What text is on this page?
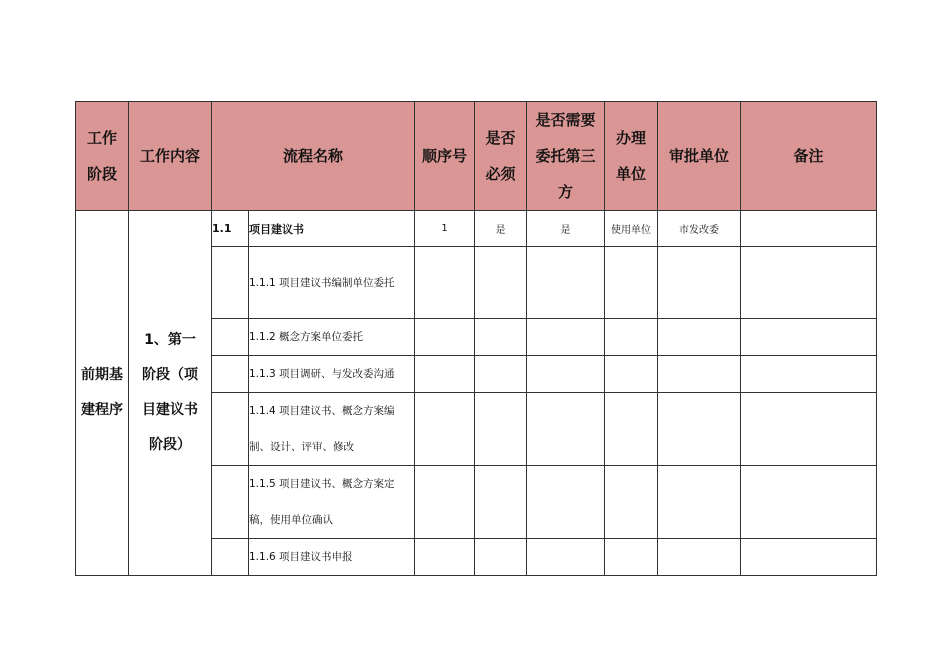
工作阶段	工作内容	流程名称		顺序号	是否必须	是否需要委托第三方	办理单位	审批单位	备注
前期基建程序	1、第一阶段（项目建议书阶段）	1.1	项目建议书	1	是	是	使用单位	市发改委	
			1.1.1 项目建议书编制单位委托						
			1.1.2 概念方案单位委托						
			1.1.3 项目调研、与发改委沟通						
			1.1.4 项目建议书、概念方案编制、设计、评审、修改						
			1.1.5 项目建议书、概念方案定稿，使用单位确认						
			1.1.6 项目建议书申报						
